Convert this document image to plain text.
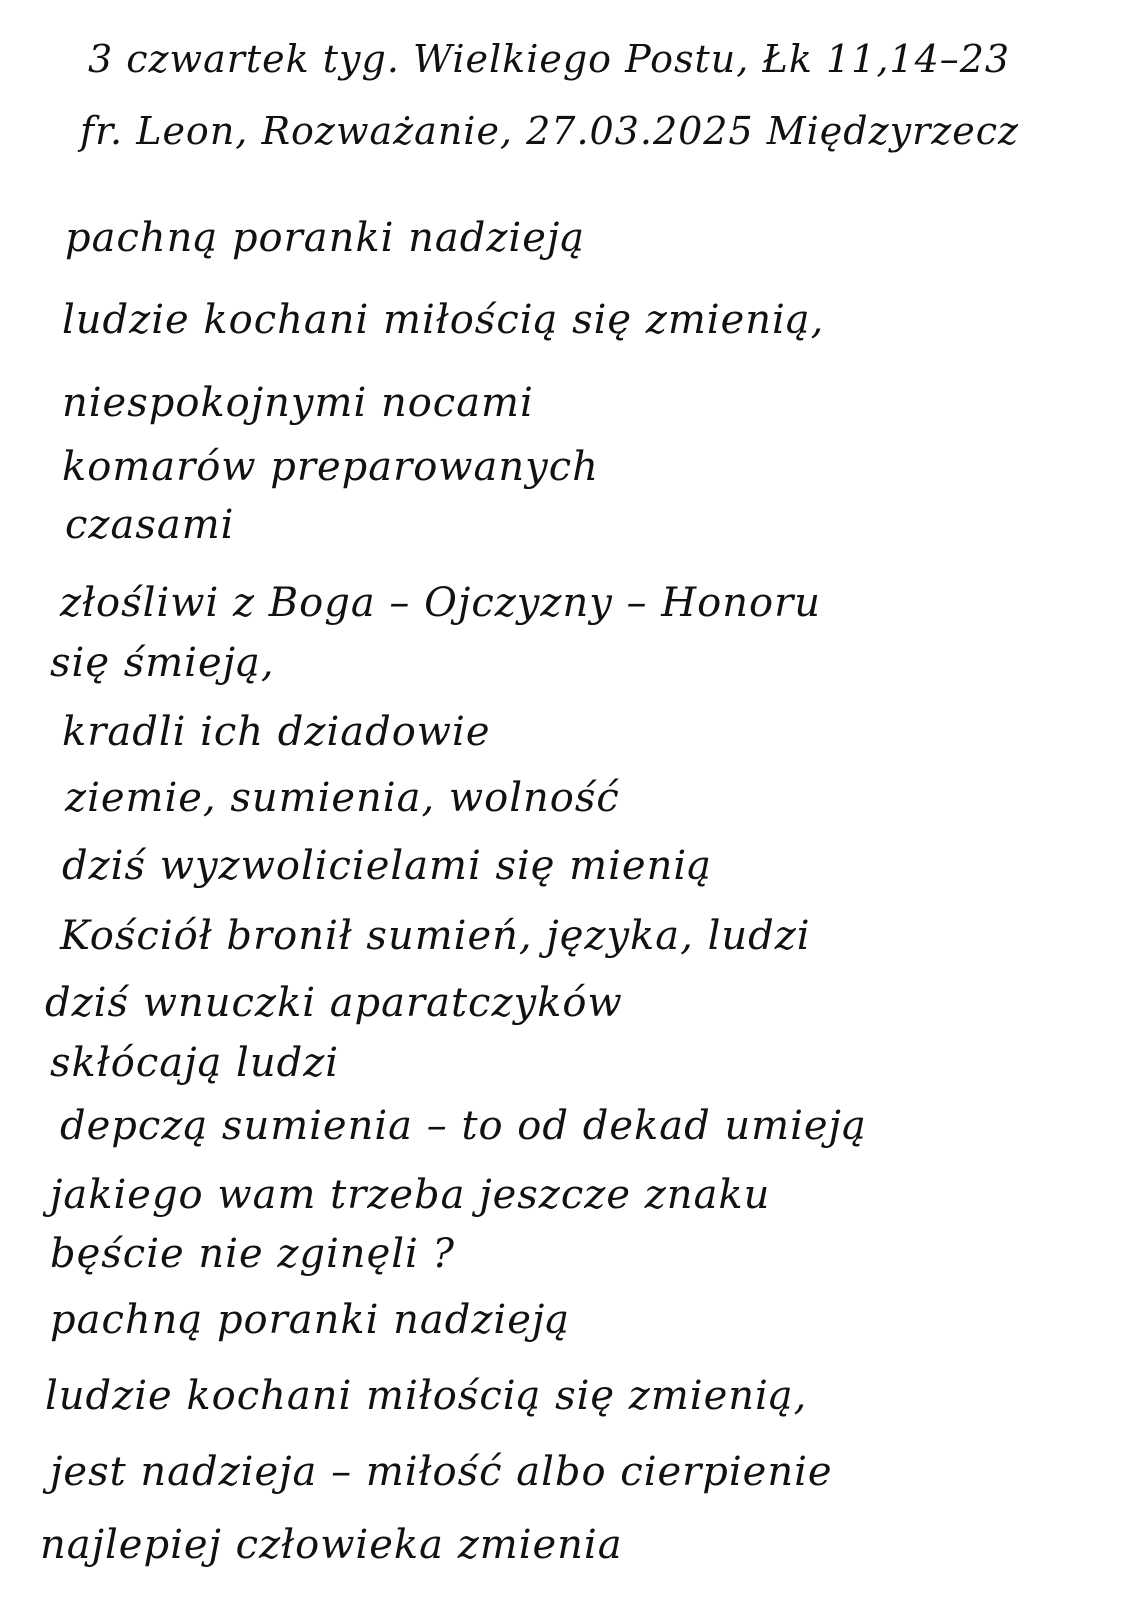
3 czwartek tyg. Wielkiego Postu, Łk 11,14–23
fr. Leon, Rozważanie, 27.03.2025 Międzyrzecz
pachną poranki nadzieją
ludzie kochani miłością się zmienią,
niespokojnymi nocami
komarów preparowanych
czasami
złośliwi z Boga – Ojczyzny – Honoru
się śmieją,
kradli ich dziadowie
ziemie, sumienia, wolność
dziś wyzwolicielami się mienią
Kościół bronił sumień, języka, ludzi
dziś wnuczki aparatczyków
skłócają ludzi
depczą sumienia – to od dekad umieją
jakiego wam trzeba jeszcze znaku
bęście nie zginęli ?
pachną poranki nadzieją
ludzie kochani miłością się zmienią,
jest nadzieja – miłość albo cierpienie
najlepiej człowieka zmienia
